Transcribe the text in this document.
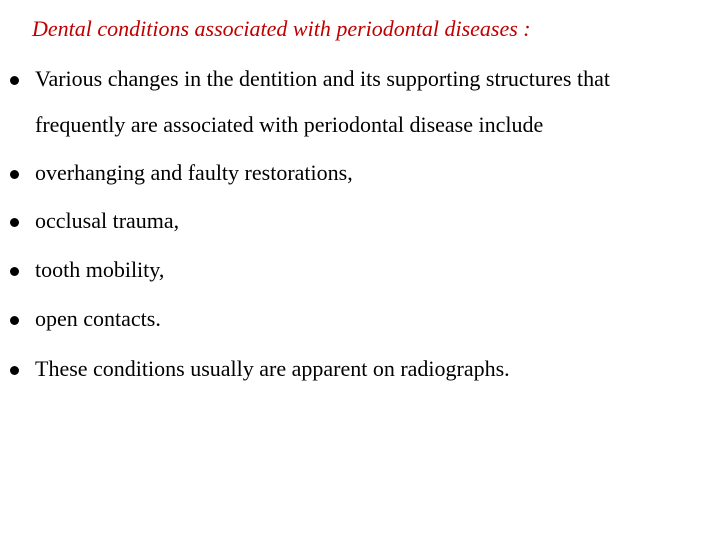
Dental conditions associated with periodontal diseases :
Various changes in the dentition and its supporting structures that
frequently are associated with periodontal disease include
overhanging and faulty restorations,
occlusal trauma,
tooth mobility,
open contacts.
These conditions usually are apparent on radiographs.
